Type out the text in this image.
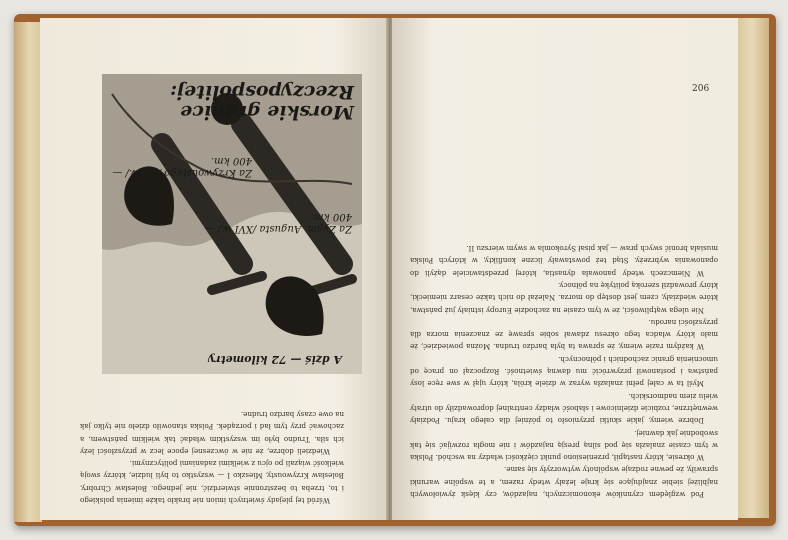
Morskie granice Rzeczypospolitej:
Za Krzywoustego /XII w./ — 400 km.
Za Zygm. Augusta /XVI w./ — 400 km.
A dziś — 72 kilometry

Wśród tej plejady świetnych imion nie brakło także imienia polskiego i to, trzeba to bezstronnie stwierdzić, nie jednego. Bolesław Chrobry, Bolesław Krzywousty, Mieszko I — wszystko to byli ludzie, którzy swoją wielkość wiązali po ojcu z wielkimi zadaniami politycznymi.

Wiedzieli dobrze, że nie w ówczesnej epoce lecz w przyszłości leży ich siła. Trudno było im wszystkim władać tak wielkim państwem, a zachować przy tym ład i porządek. Polska stanowiło dzieło nie tylko jak na owe czasy bardzo trudne.

Pod względem czynników ekonomicznych, najazdów, czy klęsk żywiołowych najbliżej siebie znajdujące się kraje leżały wtedy razem, a te wspólne warunki sprawiły, że pewne rodzaje wspólnoty wytworzyły się same.

W okresie, który nastąpił, przeniesiono punkt ciężkości władzy na wschód. Polska w tym czasie znalazła się pod silną presją najazdów i nie mogła rozwijać się tak swobodnie jak dawniej.

Dobrze wiemy, jakie skutki przyniosło to później dla całego kraju. Podziały wewnętrzne, rozbicie dzielnicowe i słabość władzy centralnej doprowadziły do utraty wielu ziem nadmorskich.

Myśl ta w całej pełni znalazła wyraz w dziele króla, który ujął w swe ręce losy państwa i postanowił przywrócić mu dawną świetność. Rozpoczął on pracę od umocnienia granic zachodnich i północnych.

W każdym razie wiemy, że sprawa ta była bardzo trudna. Można powiedzieć, że mało który władca tego okresu zdawał sobie sprawę ze znaczenia morza dla przyszłości narodu.

Nie ulega wątpliwości, że w tym czasie na zachodzie Europy istniały już państwa, które wiedziały, czem jest dostęp do morza. Należał do nich także cesarz niemiecki, który prowadził szeroką politykę na północy.

W Niemczech wtedy panowała dynastia, której przedstawiciele dążyli do opanowania wybrzeży. Stąd też powstawały liczne konflikty, w których Polska musiała bronić swych praw — jak pisał Syrokomla w swym wierszu II.

206
